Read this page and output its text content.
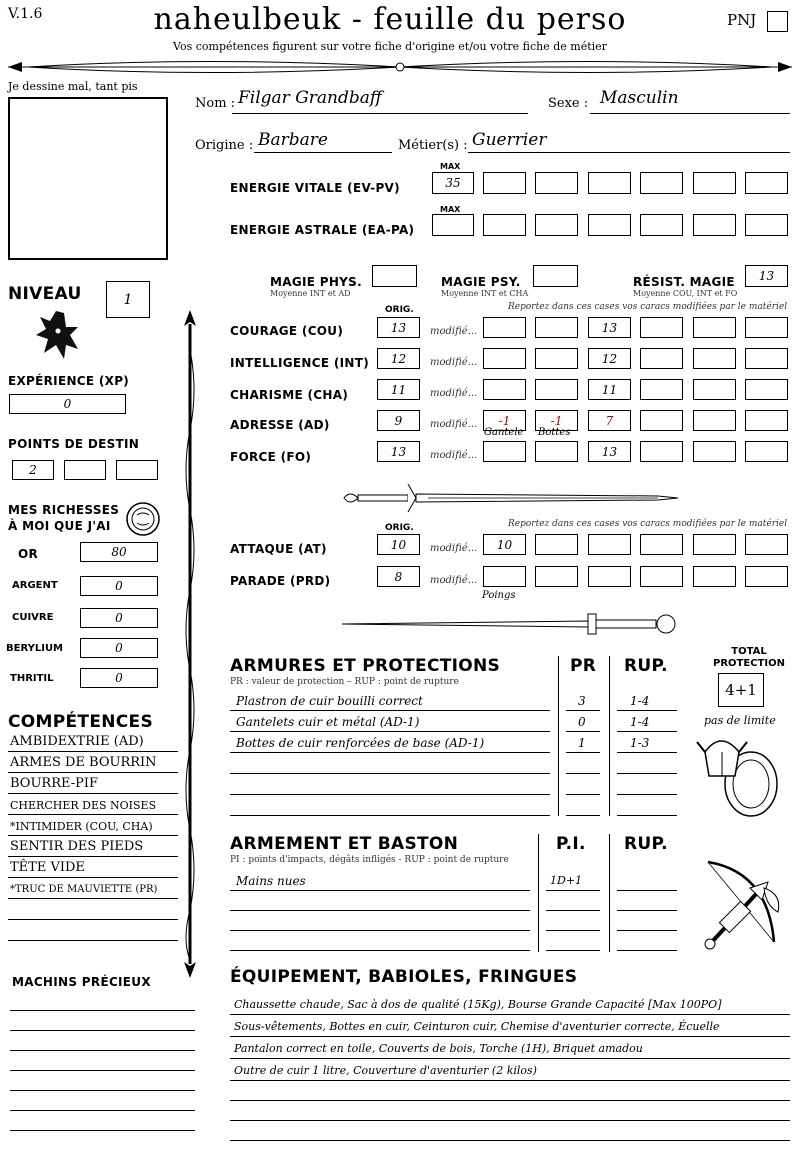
V.1.6	naheulbeuk - feuille du perso	PNJ
Vos compétences figurent sur votre fiche d'origine et/ou votre fiche de métier
Je dessine mal, tant pis
Nom : Filgar Grandbaff	Sexe : Masculin
Origine : Barbare	Métier(s) : Guerrier
MAX
ENERGIE VITALE (EV-PV)	35
MAX
ENERGIE ASTRALE (EA-PA)
MAGIE PHYS.
Moyenne INT et AD
MAGIE PSY.
Moyenne INT et CHA
RÉSIST. MAGIE
Moyenne COU, INT et FO
13
NIVEAU	1
EXPÉRIENCE (XP)
0
POINTS DE DESTIN
2
MES RICHESSES
À MOI QUE J'AI
OR	80
ARGENT	0
CUIVRE	0
BERYLIUM	0
THRITIL	0
ORIG.	Reportez dans ces cases vos caracs modifiées par le matériel
COURAGE (COU)	13	modifié...	13
INTELLIGENCE (INT)	12	modifié...	12
CHARISME (CHA)	11	modifié...	11
ADRESSE (AD)	9	modifié...	-1	-1	7
Gantele Bottes
FORCE (FO)	13	modifié...	13
ORIG.	Reportez dans ces cases vos caracs modifiées par le matériel
ATTAQUE (AT)	10	modifié...	10
PARADE (PRD)	8	modifié...
Poings
ARMURES ET PROTECTIONS
PR : valeur de protection – RUP : point de rupture
PR RUP.
Plastron de cuir bouilli correct	3	1-4
Gantelets cuir et métal (AD-1)	0	1-4
Bottes de cuir renforcées de base (AD-1)	1	1-3
TOTAL
PROTECTION
4+1
pas de limite
ARMEMENT ET BASTON
PI : points d'impacts, dégâts infligés - RUP : point de rupture
P.I. RUP.
Mains nues	1D+1
COMPÉTENCES
AMBIDEXTRIE (AD)
ARMES DE BOURRIN
BOURRE-PIF
CHERCHER DES NOISES
*INTIMIDER (COU, CHA)
SENTIR DES PIEDS
TÊTE VIDE
*TRUC DE MAUVIETTE (PR)
MACHINS PRÉCIEUX	ÉQUIPEMENT, BABIOLES, FRINGUES
Chaussette chaude, Sac à dos de qualité (15Kg), Bourse Grande Capacité [Max 100PO]
Sous-vêtements, Bottes en cuir, Ceinturon cuir, Chemise d'aventurier correcte, Écuelle
Pantalon correct en toile, Couverts de bois, Torche (1H), Briquet amadou
Outre de cuir 1 litre, Couverture d'aventurier (2 kilos)
